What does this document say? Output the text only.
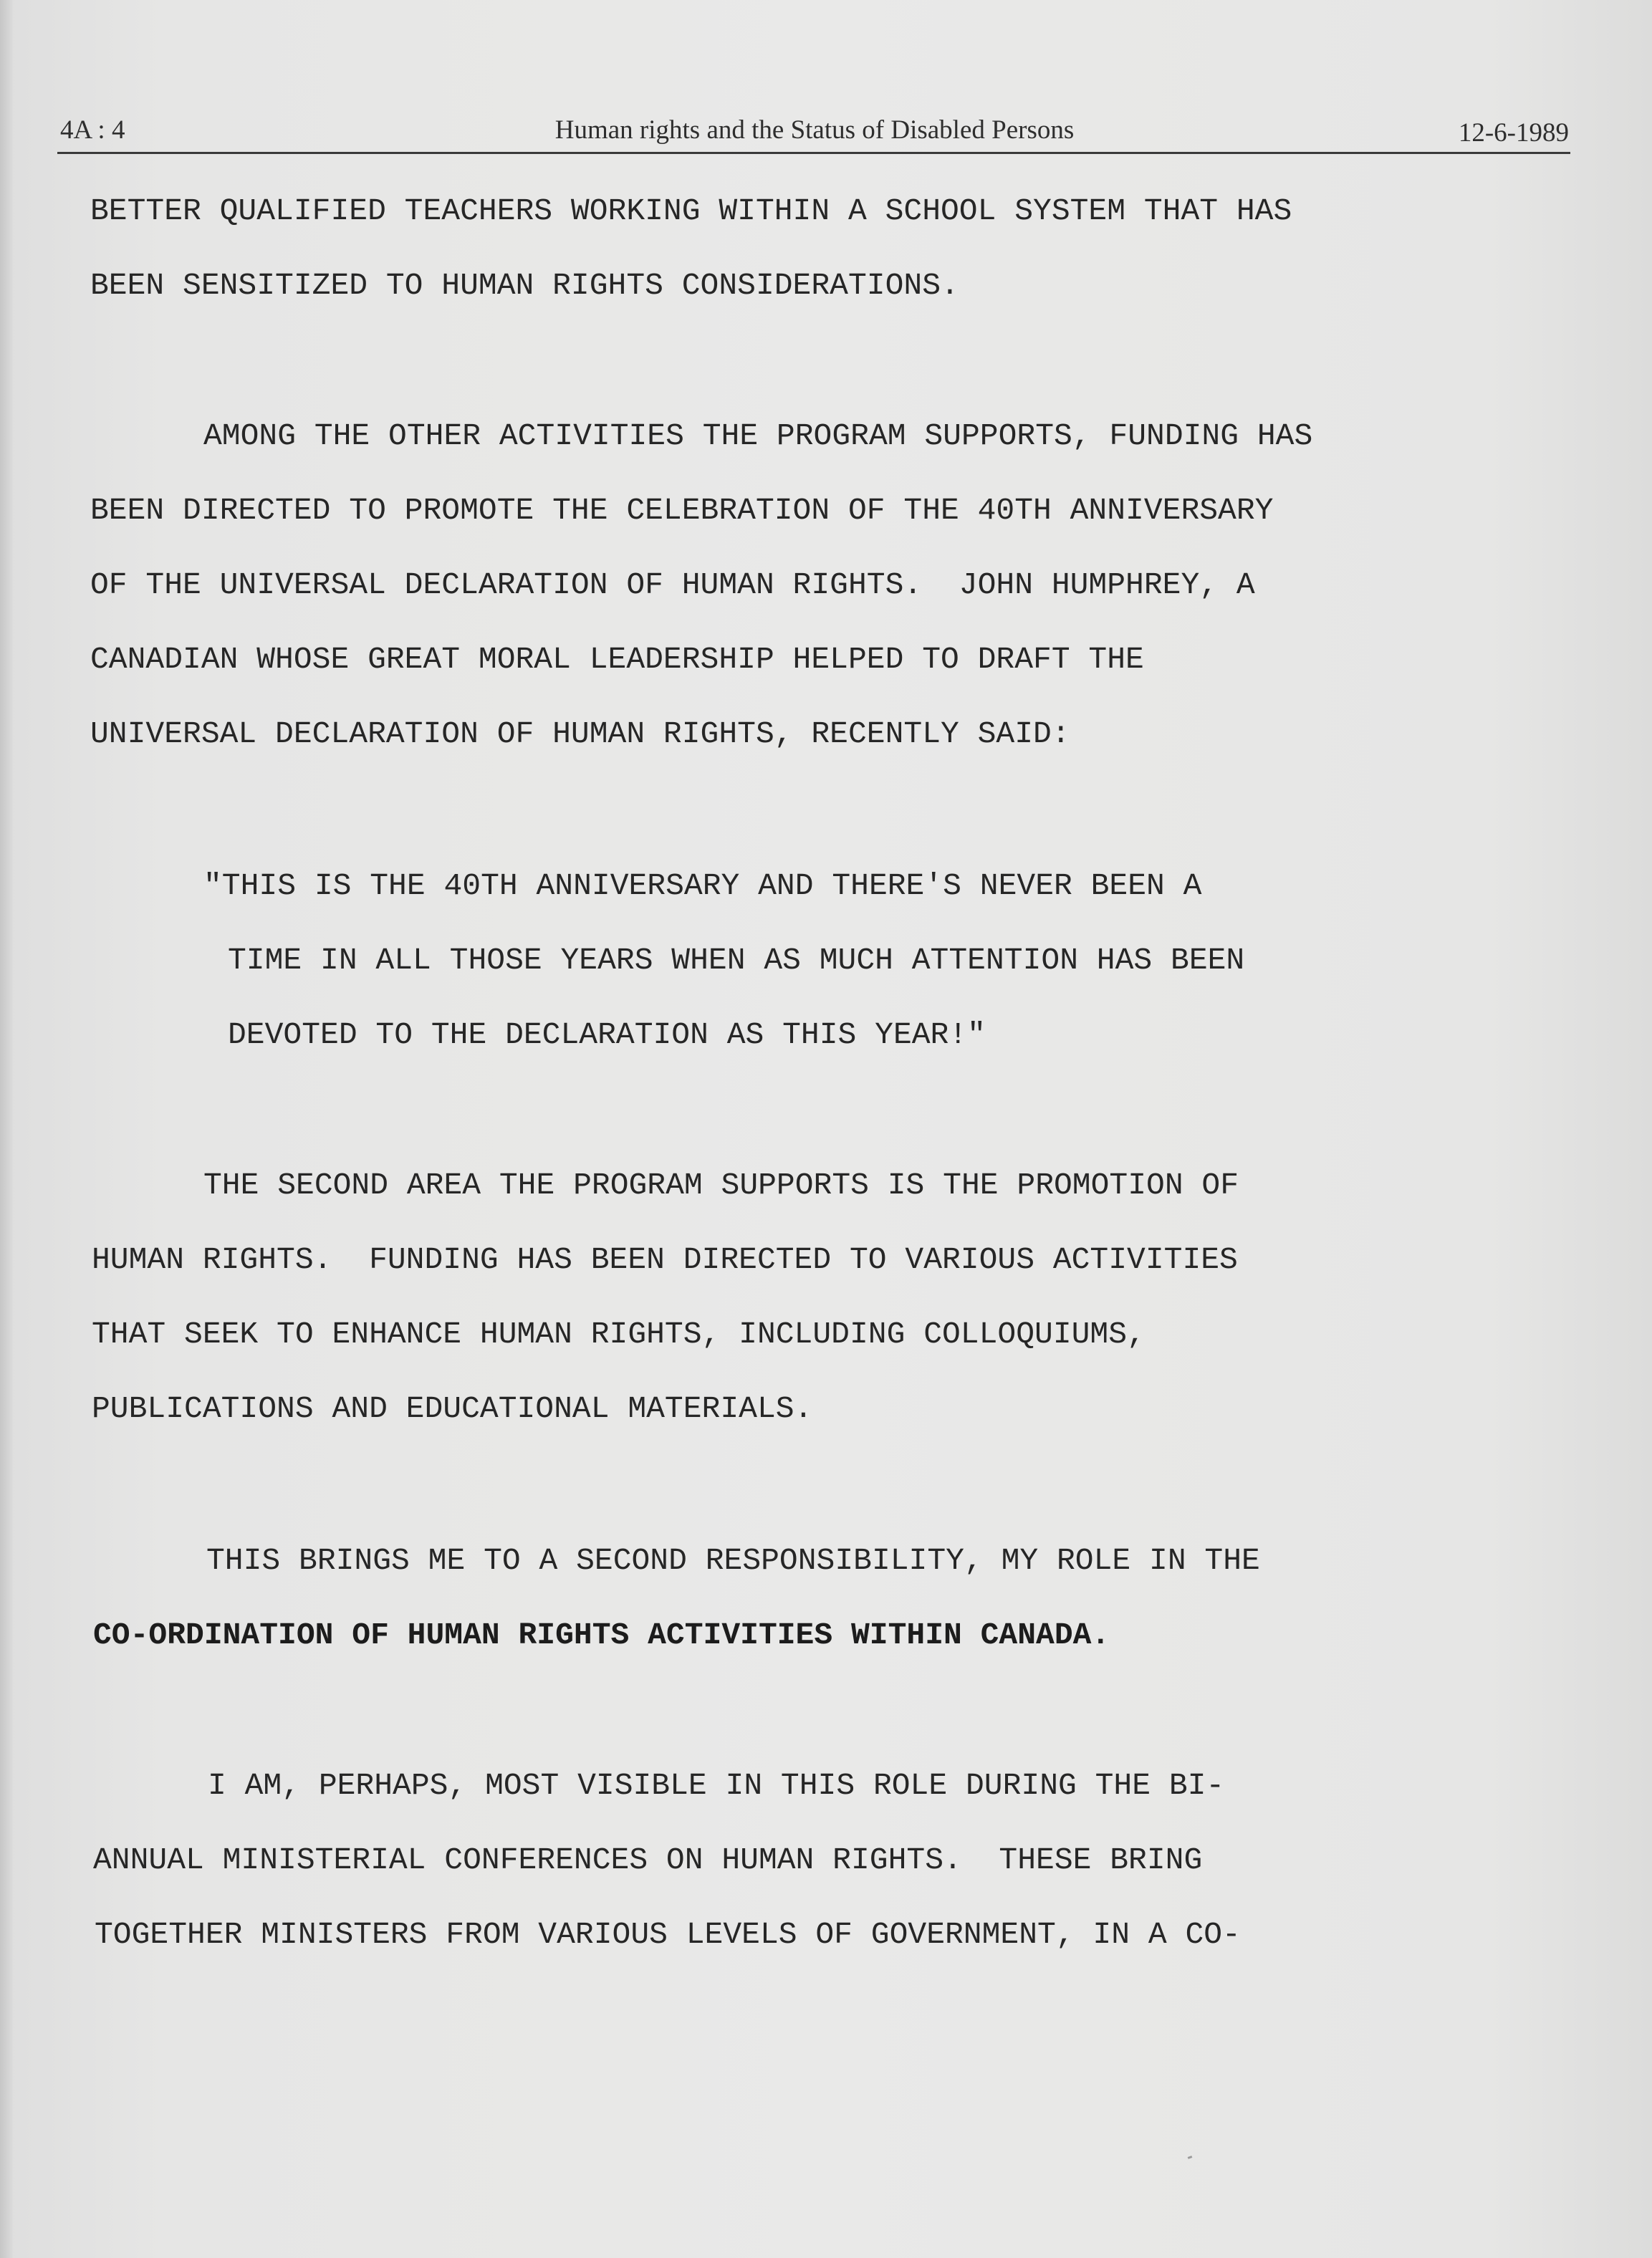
4A : 4	Human rights and the Status of Disabled Persons	12-6-1989
BETTER QUALIFIED TEACHERS WORKING WITHIN A SCHOOL SYSTEM THAT HAS
BEEN SENSITIZED TO HUMAN RIGHTS CONSIDERATIONS.
AMONG THE OTHER ACTIVITIES THE PROGRAM SUPPORTS, FUNDING HAS
BEEN DIRECTED TO PROMOTE THE CELEBRATION OF THE 40TH ANNIVERSARY
OF THE UNIVERSAL DECLARATION OF HUMAN RIGHTS.  JOHN HUMPHREY, A
CANADIAN WHOSE GREAT MORAL LEADERSHIP HELPED TO DRAFT THE
UNIVERSAL DECLARATION OF HUMAN RIGHTS, RECENTLY SAID:
"THIS IS THE 40TH ANNIVERSARY AND THERE'S NEVER BEEN A
TIME IN ALL THOSE YEARS WHEN AS MUCH ATTENTION HAS BEEN
DEVOTED TO THE DECLARATION AS THIS YEAR!"
THE SECOND AREA THE PROGRAM SUPPORTS IS THE PROMOTION OF
HUMAN RIGHTS.  FUNDING HAS BEEN DIRECTED TO VARIOUS ACTIVITIES
THAT SEEK TO ENHANCE HUMAN RIGHTS, INCLUDING COLLOQUIUMS,
PUBLICATIONS AND EDUCATIONAL MATERIALS.
THIS BRINGS ME TO A SECOND RESPONSIBILITY, MY ROLE IN THE
CO-ORDINATION OF HUMAN RIGHTS ACTIVITIES WITHIN CANADA.
I AM, PERHAPS, MOST VISIBLE IN THIS ROLE DURING THE BI-
ANNUAL MINISTERIAL CONFERENCES ON HUMAN RIGHTS.  THESE BRING
TOGETHER MINISTERS FROM VARIOUS LEVELS OF GOVERNMENT, IN A CO-
